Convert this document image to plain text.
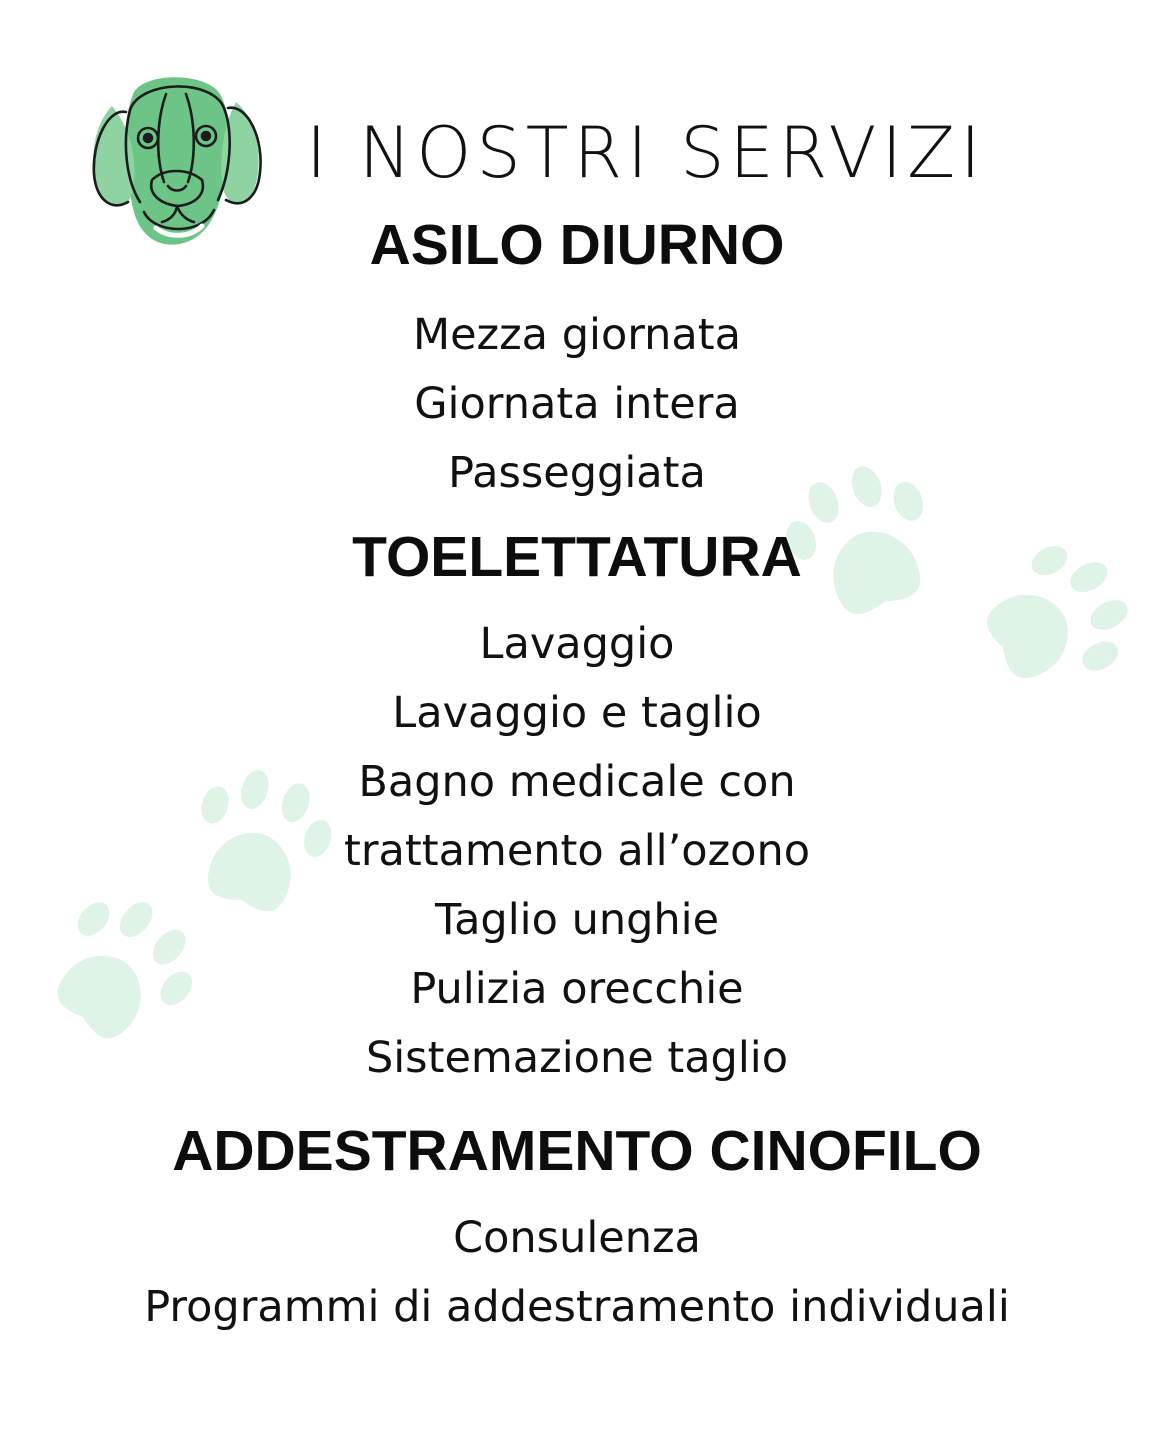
I NOSTRI SERVIZI
ASILO DIURNO
Mezza giornata
Giornata intera
Passeggiata
TOELETTATURA
Lavaggio
Lavaggio e taglio
Bagno medicale con
trattamento all’ozono
Taglio unghie
Pulizia orecchie
Sistemazione taglio
ADDESTRAMENTO CINOFILO
Consulenza
Programmi di addestramento individuali
